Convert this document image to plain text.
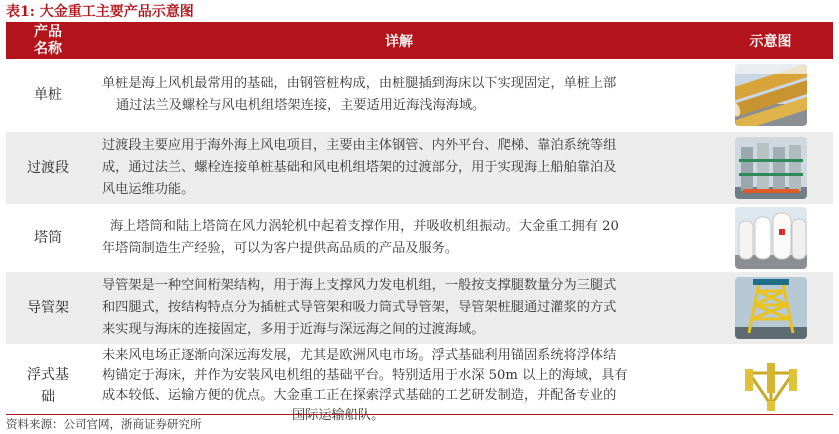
表1: 大金重工主要产品示意图
产品名称	详解	示意图
单桩
单桩是海上风机最常用的基础，由钢管桩构成，由桩腿插到海床以下实现固定，单桩上部
通过法兰及螺栓与风电机组塔架连接，主要适用近海浅海海域。
过渡段
过渡段主要应用于海外海上风电项目，主要由主体钢管、内外平台、爬梯、靠泊系统等组
成，通过法兰、螺栓连接单桩基础和风电机组塔架的过渡部分，用于实现海上船舶靠泊及
风电运维功能。
塔筒
海上塔筒和陆上塔筒在风力涡轮机中起着支撑作用，并吸收机组振动。大金重工拥有 20
年塔筒制造生产经验，可以为客户提供高品质的产品及服务。
导管架
导管架是一种空间桁架结构，用于海上支撑风力发电机组，一般按支撑腿数量分为三腿式
和四腿式，按结构特点分为插桩式导管架和吸力筒式导管架，导管架桩腿通过灌浆的方式
来实现与海床的连接固定，多用于近海与深远海之间的过渡海域。
浮式基础
未来风电场正逐渐向深远海发展，尤其是欧洲风电市场。浮式基础利用锚固系统将浮体结
构锚定于海床，并作为安装风电机组的基础平台。特别适用于水深 50m 以上的海域，具有
成本较低、运输方便的优点。大金重工正在探索浮式基础的工艺研发制造，并配备专业的
国际运输船队。
资料来源：公司官网，浙商证券研究所
